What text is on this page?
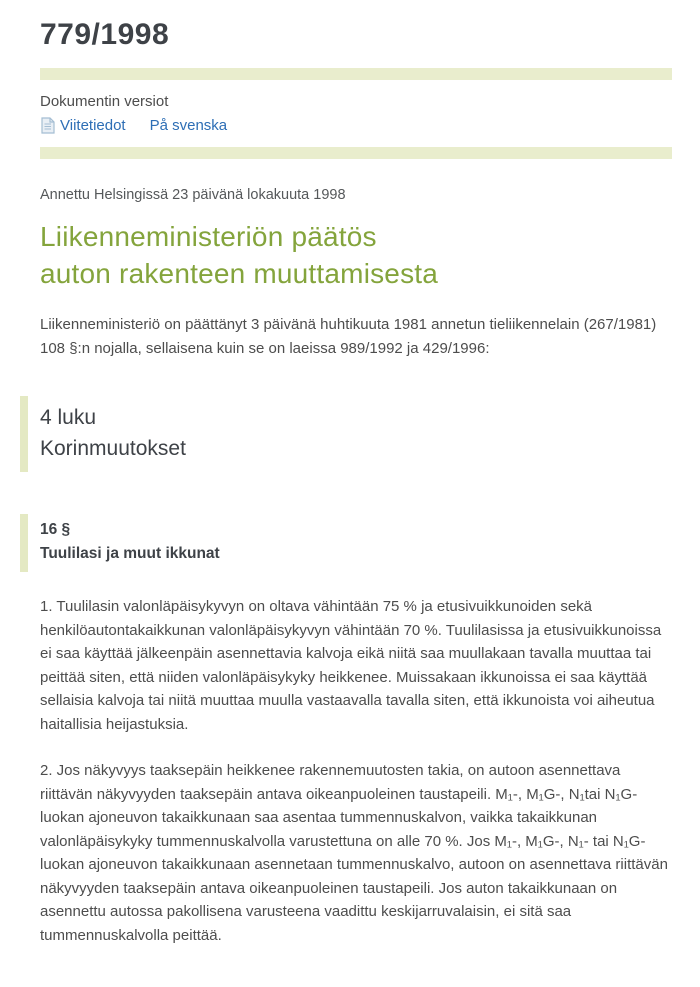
779/1998
Dokumentin versiot
Viitetiedot På svenska

Annettu Helsingissä 23 päivänä lokakuuta 1998

Liikenneministeriön päätös
auton rakenteen muuttamisesta

Liikenneministeriö on päättänyt 3 päivänä huhtikuuta 1981 annetun tieliikennelain (267/1981) 108 §:n nojalla, sellaisena kuin se on laeissa 989/1992 ja 429/1996:

4 luku
Korinmuutokset
16 §
Tuulilasi ja muut ikkunat

1. Tuulilasin valonläpäisykyvyn on oltava vähintään 75 % ja etusivuikkunoiden sekä henkilöautontakaikkunan valonläpäisykyvyn vähintään 70 %. Tuulilasissa ja etusivuikkunoissa ei saa käyttää jälkeenpäin asennettavia kalvoja eikä niitä saa muullakaan tavalla muuttaa tai peittää siten, että niiden valonläpäisykyky heikkenee. Muissakaan ikkunoissa ei saa käyttää sellaisia kalvoja tai niitä muuttaa muulla vastaavalla tavalla siten, että ikkunoista voi aiheutua haitallisia heijastuksia.

2. Jos näkyvyys taaksepäin heikkenee rakennemuutosten takia, on autoon asennettava riittävän näkyvyyden taaksepäin antava oikeanpuoleinen taustapeili. M₁-, M₁G-, N₁tai N₁G-luokan ajoneuvon takaikkunaan saa asentaa tummennuskalvon, vaikka takaikkunan valonläpäisykyky tummennuskalvolla varustettuna on alle 70 %. Jos M₁-, M₁G-, N₁- tai N₁G-luokan ajoneuvon takaikkunaan asennetaan tummennuskalvo, autoon on asennettava riittävän näkyvyyden taaksepäin antava oikeanpuoleinen taustapeili. Jos auton takaikkunaan on asennettu autossa pakollisena varusteena vaadittu keskijarruvalaisin, ei sitä saa tummennuskalvolla peittää.
